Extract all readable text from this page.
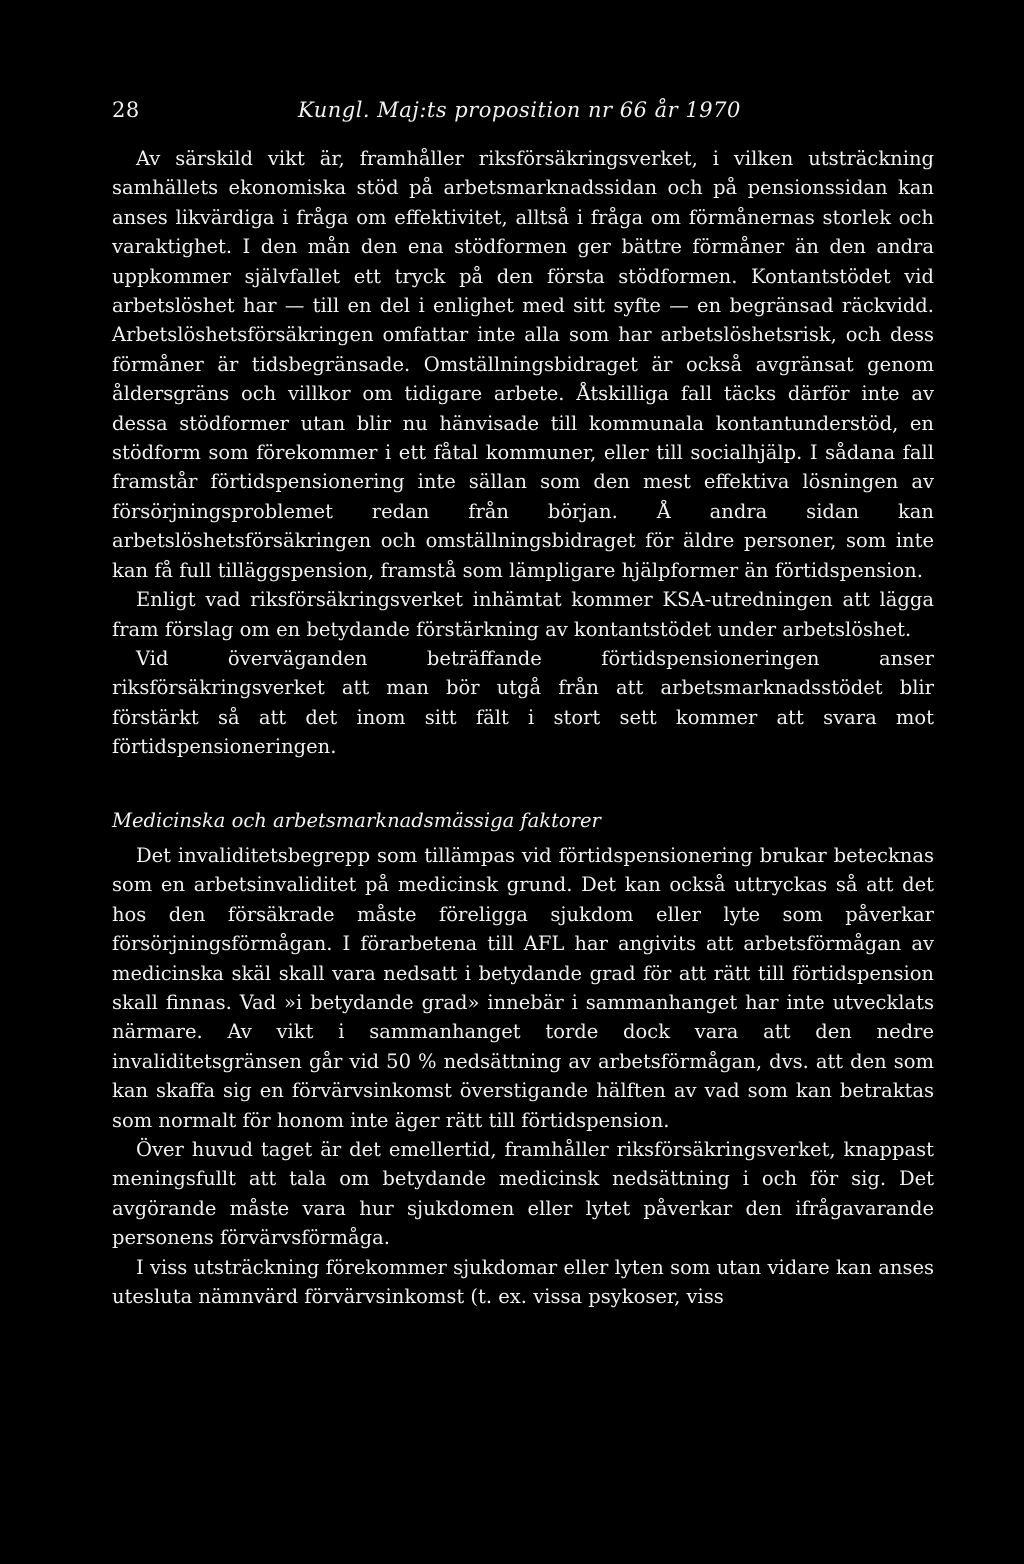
28	Kungl. Maj:ts proposition nr 66 år 1970

Av särskild vikt är, framhåller riksförsäkringsverket, i vilken utsträckning samhällets ekonomiska stöd på arbetsmarknadssidan och på pensionssidan kan anses likvärdiga i fråga om effektivitet, alltså i fråga om förmånernas storlek och varaktighet. I den mån den ena stödformen ger bättre förmåner än den andra uppkommer självfallet ett tryck på den första stödformen. Kontantstödet vid arbetslöshet har — till en del i enlighet med sitt syfte — en begränsad räckvidd. Arbetslöshetsförsäkringen omfattar inte alla som har arbetslöshetsrisk, och dess förmåner är tidsbegränsade. Omställningsbidraget är också avgränsat genom åldersgräns och villkor om tidigare arbete. Åtskilliga fall täcks därför inte av dessa stödformer utan blir nu hänvisade till kommunala kontantunderstöd, en stödform som förekommer i ett fåtal kommuner, eller till socialhjälp. I sådana fall framstår förtidspensionering inte sällan som den mest effektiva lösningen av försörjningsproblemet redan från början. Å andra sidan kan arbetslöshetsförsäkringen och omställningsbidraget för äldre personer, som inte kan få full tilläggspension, framstå som lämpligare hjälpformer än förtidspension.

Enligt vad riksförsäkringsverket inhämtat kommer KSA-utredningen att lägga fram förslag om en betydande förstärkning av kontantstödet under arbetslöshet.

Vid överväganden beträffande förtidspensioneringen anser riksförsäkringsverket att man bör utgå från att arbetsmarknadsstödet blir förstärkt så att det inom sitt fält i stort sett kommer att svara mot förtidspensioneringen.

Medicinska och arbetsmarknadsmässiga faktorer

Det invaliditetsbegrepp som tillämpas vid förtidspensionering brukar betecknas som en arbetsinvaliditet på medicinsk grund. Det kan också uttryckas så att det hos den försäkrade måste föreligga sjukdom eller lyte som påverkar försörjningsförmågan. I förarbetena till AFL har angivits att arbetsförmågan av medicinska skäl skall vara nedsatt i betydande grad för att rätt till förtidspension skall finnas. Vad »i betydande grad» innebär i sammanhanget har inte utvecklats närmare. Av vikt i sammanhanget torde dock vara att den nedre invaliditetsgränsen går vid 50 % nedsättning av arbetsförmågan, dvs. att den som kan skaffa sig en förvärvsinkomst överstigande hälften av vad som kan betraktas som normalt för honom inte äger rätt till förtidspension.

Över huvud taget är det emellertid, framhåller riksförsäkringsverket, knappast meningsfullt att tala om betydande medicinsk nedsättning i och för sig. Det avgörande måste vara hur sjukdomen eller lytet påverkar den ifrågavarande personens förvärvsförmåga.

I viss utsträckning förekommer sjukdomar eller lyten som utan vidare kan anses utesluta nämnvärd förvärvsinkomst (t. ex. vissa psykoser, viss
